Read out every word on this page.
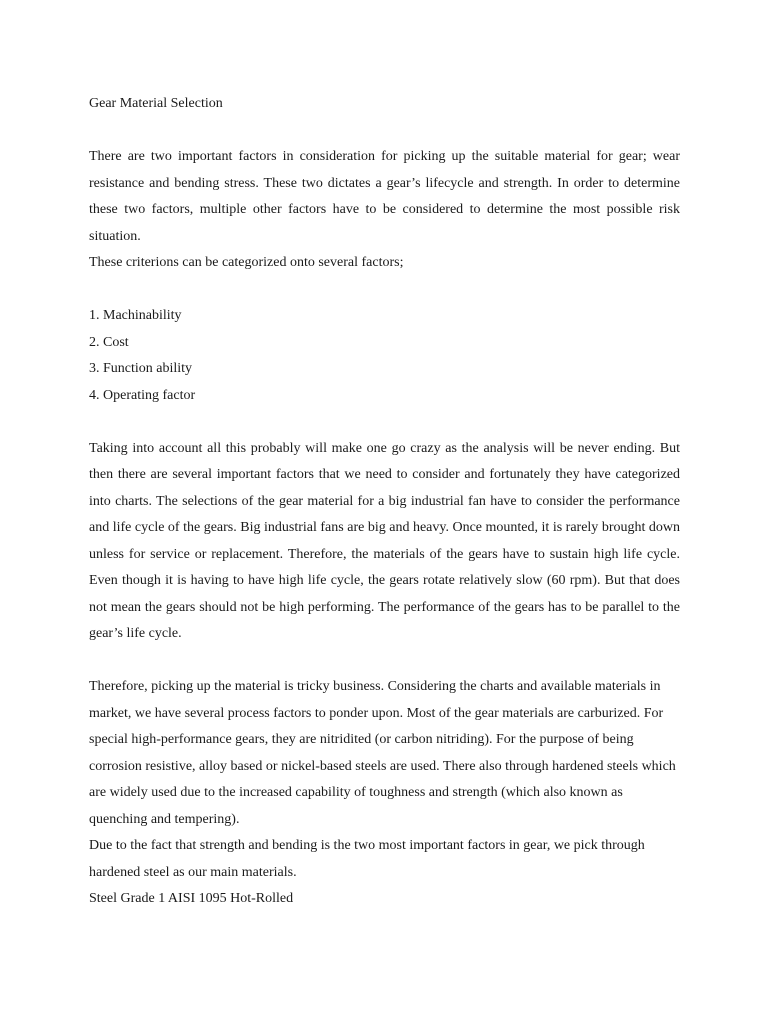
Gear Material Selection

There are two important factors in consideration for picking up the suitable material for gear; wear resistance and bending stress. These two dictates a gear’s lifecycle and strength. In order to determine these two factors, multiple other factors have to be considered to determine the most possible risk situation.

These criterions can be categorized onto several factors;

1. Machinability
2. Cost
3. Function ability
4. Operating factor

Taking into account all this probably will make one go crazy as the analysis will be never ending. But then there are several important factors that we need to consider and fortunately they have categorized into charts. The selections of the gear material for a big industrial fan have to consider the performance and life cycle of the gears. Big industrial fans are big and heavy. Once mounted, it is rarely brought down unless for service or replacement. Therefore, the materials of the gears have to sustain high life cycle. Even though it is having to have high life cycle, the gears rotate relatively slow (60 rpm). But that does not mean the gears should not be high performing. The performance of the gears has to be parallel to the gear’s life cycle.

Therefore, picking up the material is tricky business. Considering the charts and available materials in market, we have several process factors to ponder upon. Most of the gear materials are carburized. For special high-performance gears, they are nitridited (or carbon nitriding). For the purpose of being corrosion resistive, alloy based or nickel-based steels are used. There also through hardened steels which are widely used due to the increased capability of toughness and strength (which also known as quenching and tempering).

Due to the fact that strength and bending is the two most important factors in gear, we pick through hardened steel as our main materials.

Steel Grade 1 AISI 1095 Hot-Rolled
